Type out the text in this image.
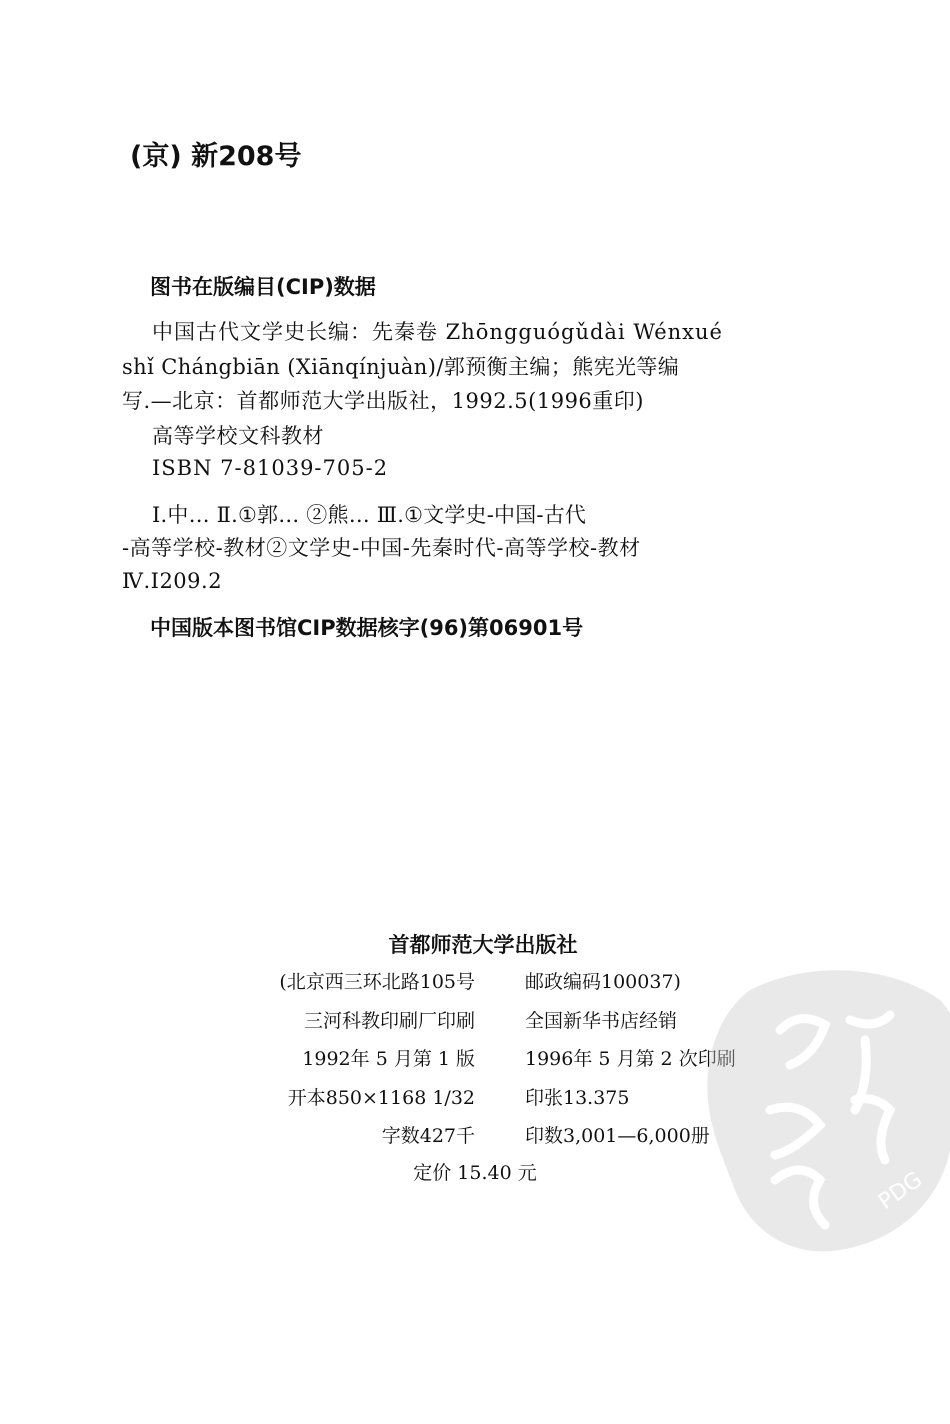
(京) 新208号
图书在版编目(CIP)数据
中国古代文学史长编：先秦卷 Zhōngguógǔdài Wénxué
shǐ Chángbiān (Xiānqínjuàn)/郭预衡主编；熊宪光等编
写.—北京：首都师范大学出版社，1992.5(1996重印)
高等学校文科教材
ISBN 7-81039-705-2
Ⅰ.中… Ⅱ.①郭… ②熊… Ⅲ.①文学史-中国-古代
-高等学校-教材②文学史-中国-先秦时代-高等学校-教材
Ⅳ.I209.2
中国版本图书馆CIP数据核字(96)第06901号
首都师范大学出版社
(北京西三环北路105号	邮政编码100037)
三河科教印刷厂印刷	全国新华书店经销
1992年 5 月第 1 版	1996年 5 月第 2 次印刷
开本850×1168 1/32	印张13.375
字数427千	印数3,001—6,000册
定价 15.40 元	PDG
